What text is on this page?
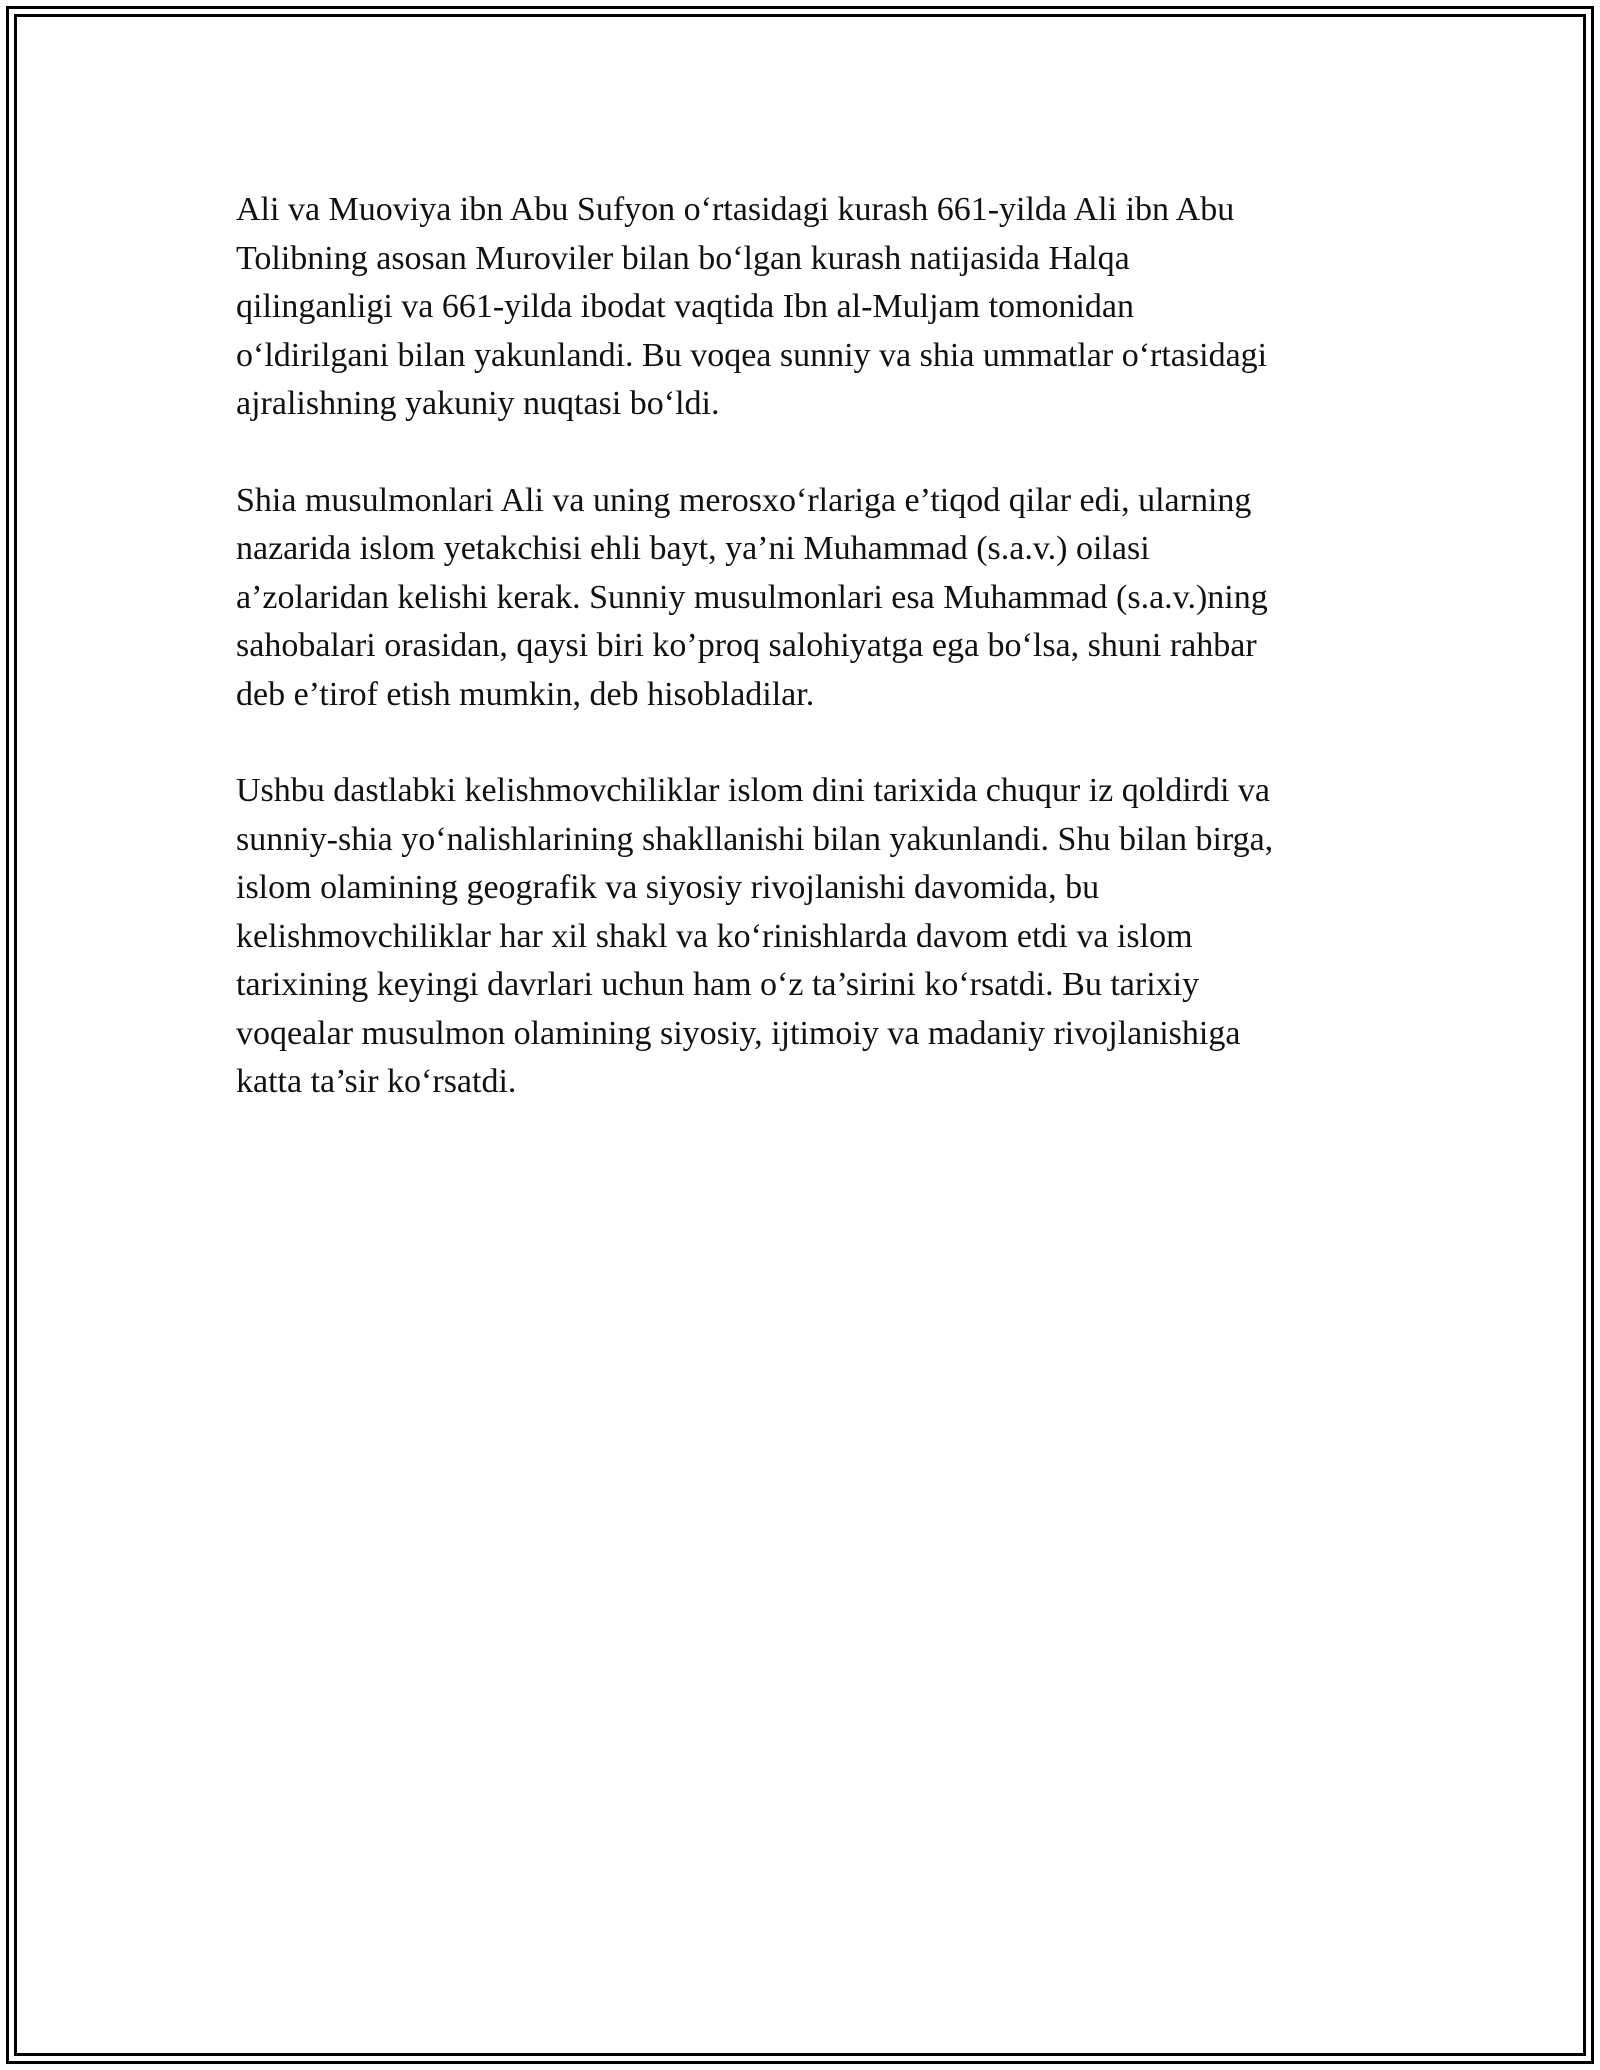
Ali va Muoviya ibn Abu Sufyon o‘rtasidagi kurash 661-yilda Ali ibn Abu
Tolibning asosan Muroviler bilan bo‘lgan kurash natijasida Halqa
qilinganligi va 661-yilda ibodat vaqtida Ibn al-Muljam tomonidan
o‘ldirilgani bilan yakunlandi. Bu voqea sunniy va shia ummatlar o‘rtasidagi
ajralishning yakuniy nuqtasi bo‘ldi.

Shia musulmonlari Ali va uning merosxo‘rlariga e’tiqod qilar edi, ularning
nazarida islom yetakchisi ehli bayt, ya’ni Muhammad (s.a.v.) oilasi
a’zolaridan kelishi kerak. Sunniy musulmonlari esa Muhammad (s.a.v.)ning
sahobalari orasidan, qaysi biri ko’proq salohiyatga ega bo‘lsa, shuni rahbar
deb e’tirof etish mumkin, deb hisobladilar.

Ushbu dastlabki kelishmovchiliklar islom dini tarixida chuqur iz qoldirdi va
sunniy-shia yo‘nalishlarining shakllanishi bilan yakunlandi. Shu bilan birga,
islom olamining geografik va siyosiy rivojlanishi davomida, bu
kelishmovchiliklar har xil shakl va ko‘rinishlarda davom etdi va islom
tarixining keyingi davrlari uchun ham o‘z ta’sirini ko‘rsatdi. Bu tarixiy
voqealar musulmon olamining siyosiy, ijtimoiy va madaniy rivojlanishiga
katta ta’sir ko‘rsatdi.
